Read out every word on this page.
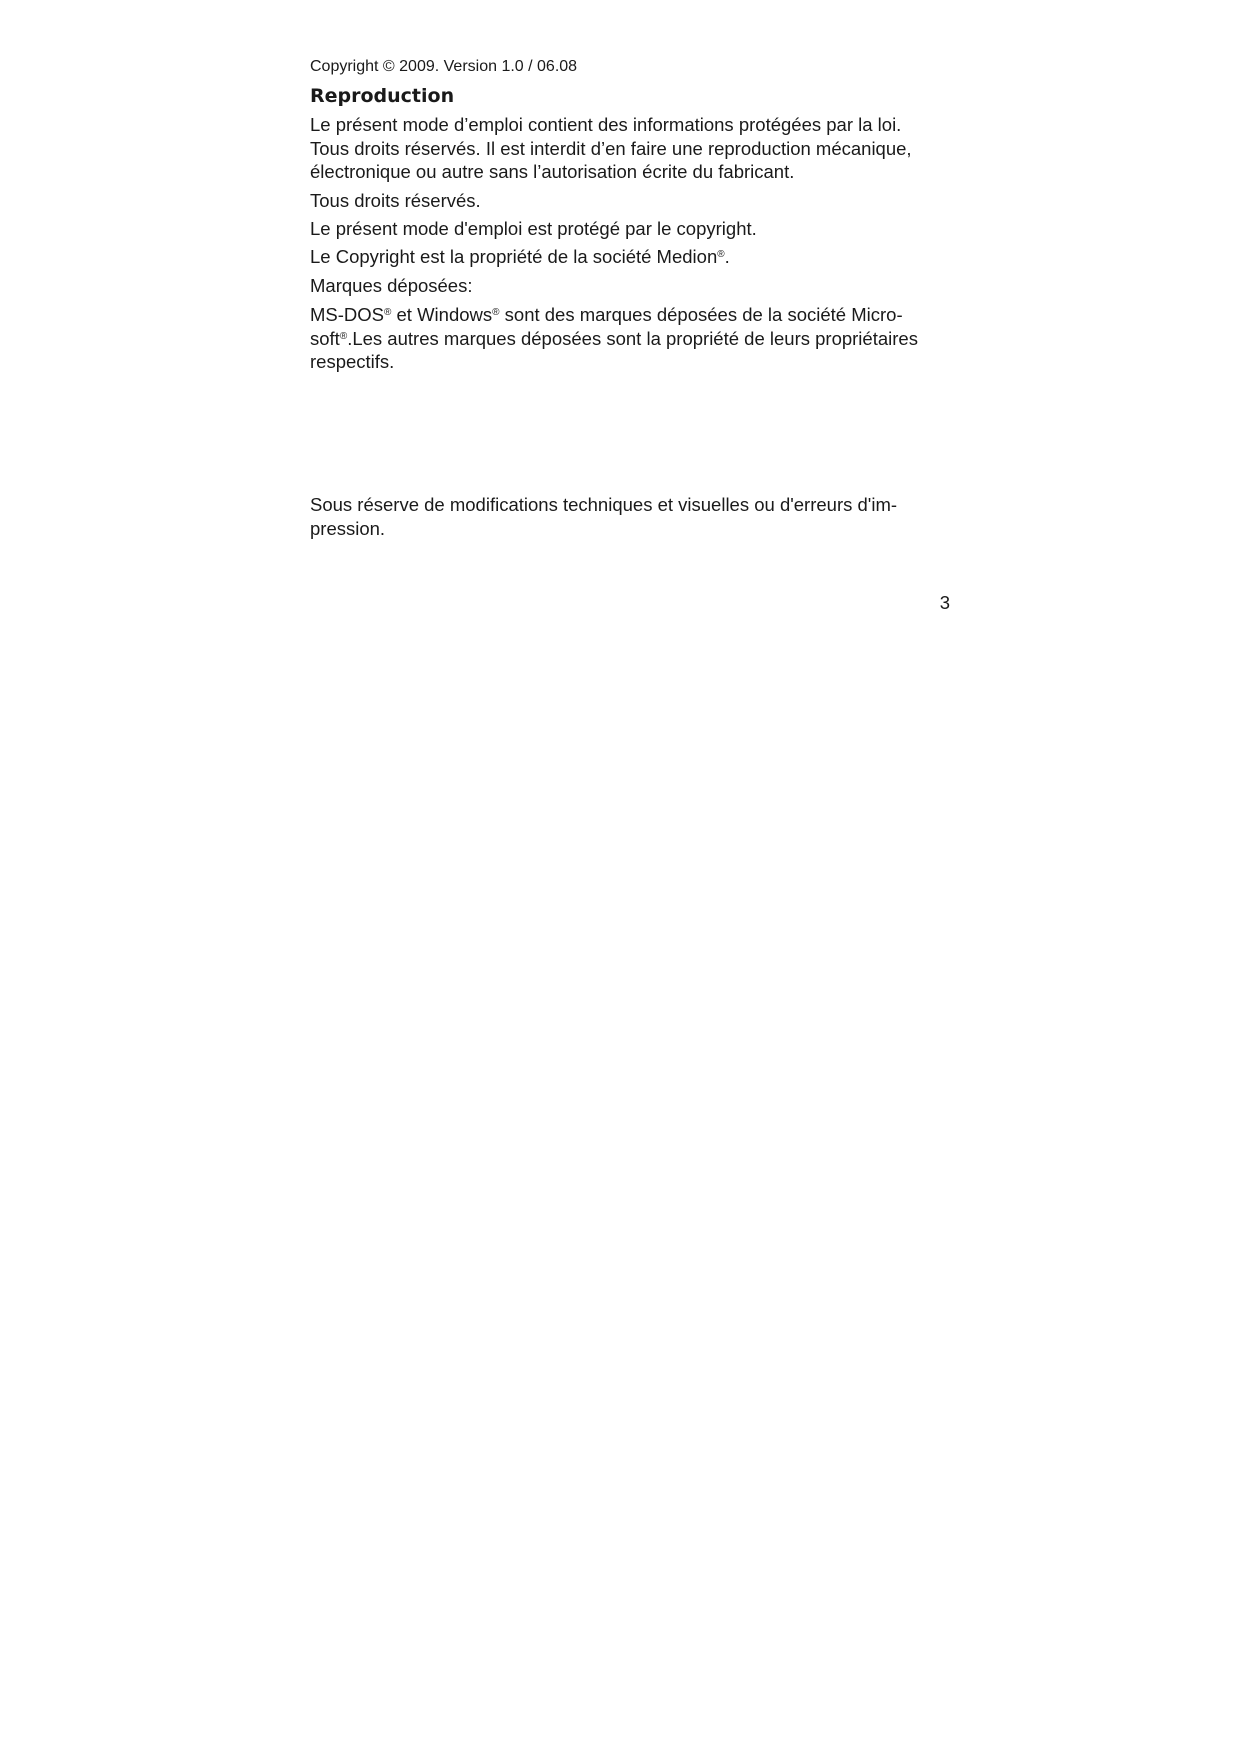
Copyright © 2009. Version 1.0 / 06.08

Reproduction

Le présent mode d’emploi contient des informations protégées par la loi.
Tous droits réservés. Il est interdit d’en faire une reproduction mécanique,
électronique ou autre sans l’autorisation écrite du fabricant.

Tous droits réservés.

Le présent mode d'emploi est protégé par le copyright.

Le Copyright est la propriété de la société Medion®.

Marques déposées:

MS-DOS® et Windows® sont des marques déposées de la société Micro-
soft®.Les autres marques déposées sont la propriété de leurs propriétaires
respectifs.

Sous réserve de modifications techniques et visuelles ou d'erreurs d'im-
pression.

3
